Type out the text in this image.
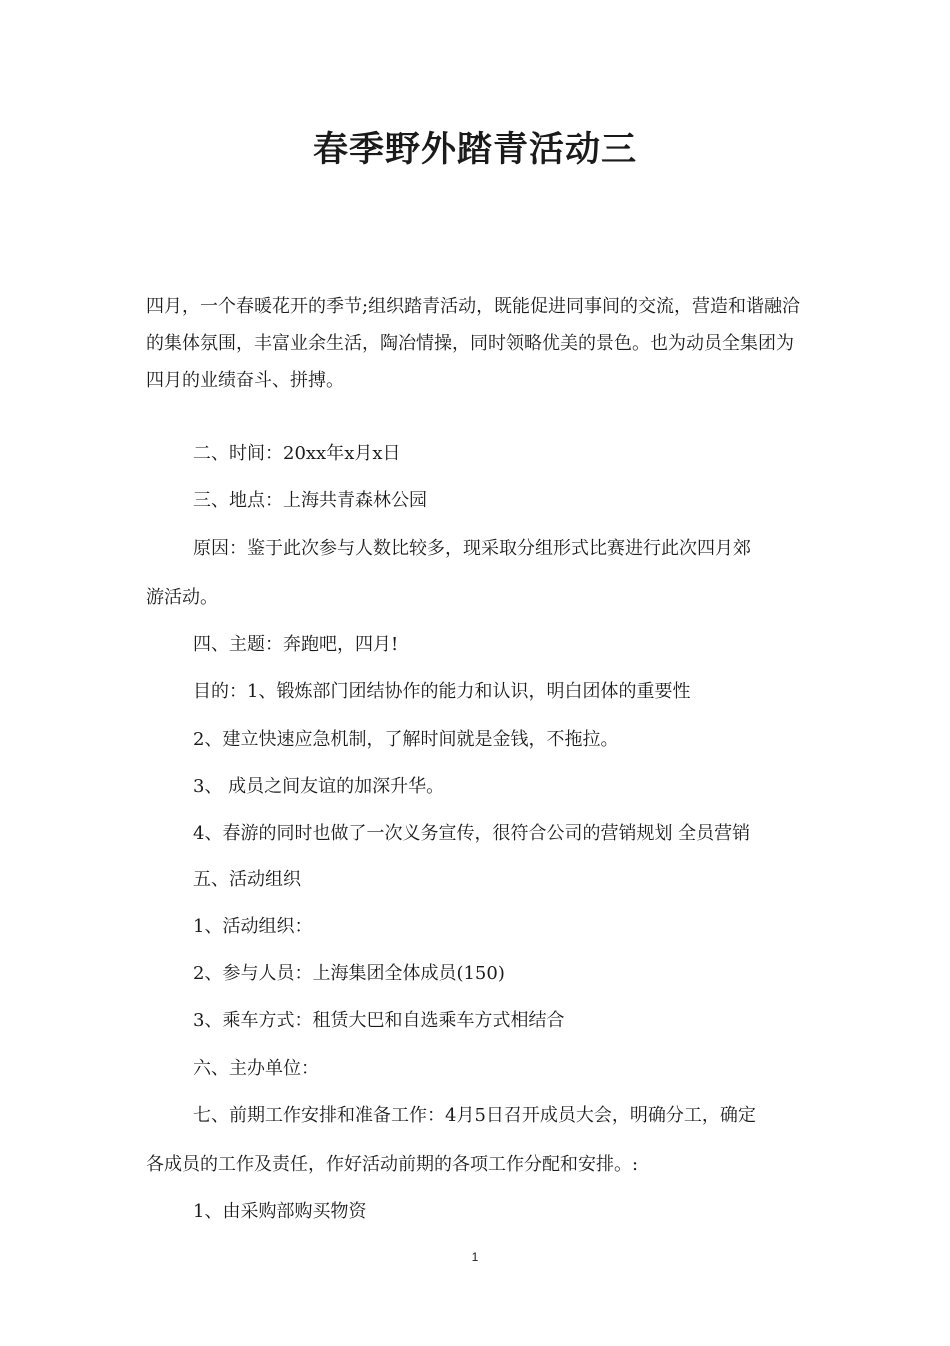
春季野外踏青活动三

四月，一个春暖花开的季节;组织踏青活动，既能促进同事间的交流，营造和谐融洽的集体氛围，丰富业余生活，陶冶情操，同时领略优美的景色。也为动员全集团为四月的业绩奋斗、拼搏。

二、时间：20xx年x月x日

三、地点：上海共青森林公园

原因：鉴于此次参与人数比较多，现采取分组形式比赛进行此次四月郊

游活动。

四、主题：奔跑吧，四月!

目的：1、锻炼部门团结协作的能力和认识，明白团体的重要性

2、建立快速应急机制，了解时间就是金钱，不拖拉。

3、 成员之间友谊的加深升华。

4、春游的同时也做了一次义务宣传，很符合公司的营销规划 全员营销

五、活动组织

1、活动组织：

2、参与人员：上海集团全体成员(150)

3、乘车方式：租赁大巴和自选乘车方式相结合

六、主办单位：

七、前期工作安排和准备工作：4月5日召开成员大会，明确分工，确定

各成员的工作及责任，作好活动前期的各项工作分配和安排。:

1、由采购部购买物资

1
